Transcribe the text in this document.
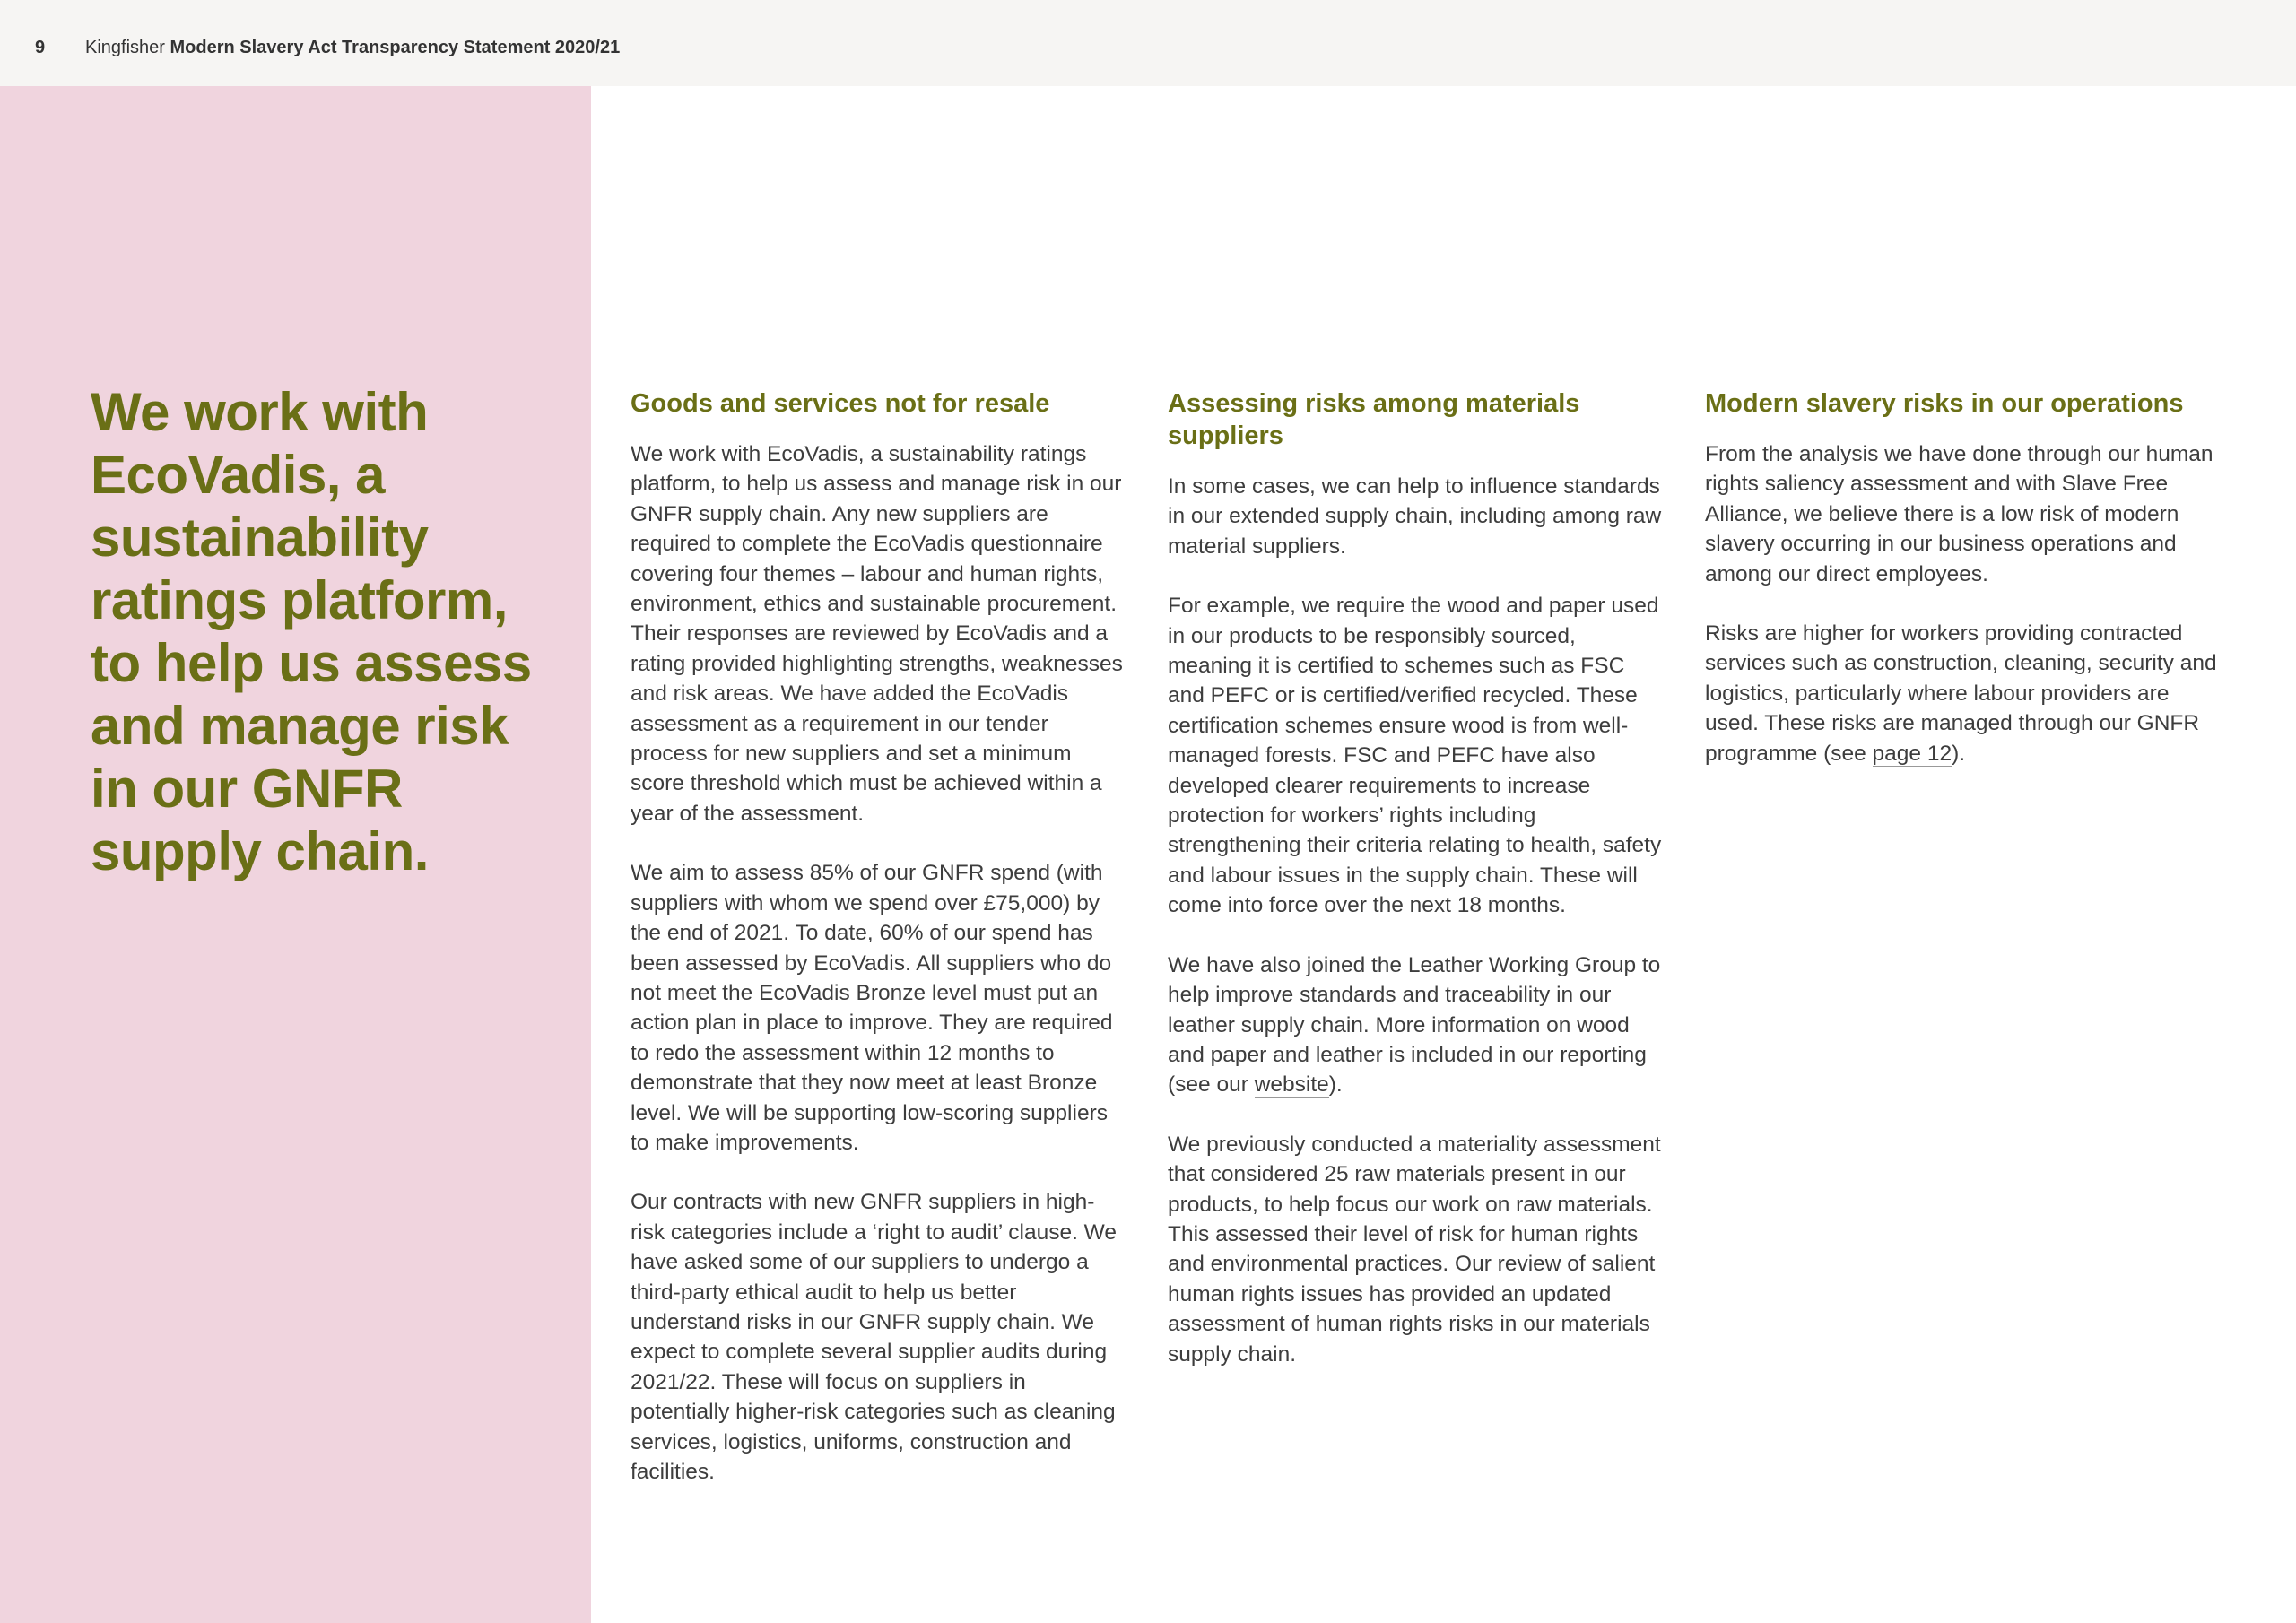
9 Kingfisher Modern Slavery Act Transparency Statement 2020/21
We work with EcoVadis, a sustainability ratings platform, to help us assess and manage risk in our GNFR supply chain.
Goods and services not for resale

We work with EcoVadis, a sustainability ratings platform, to help us assess and manage risk in our GNFR supply chain. Any new suppliers are required to complete the EcoVadis questionnaire covering four themes – labour and human rights, environment, ethics and sustainable procurement. Their responses are reviewed by EcoVadis and a rating provided highlighting strengths, weaknesses and risk areas. We have added the EcoVadis assessment as a requirement in our tender process for new suppliers and set a minimum score threshold which must be achieved within a year of the assessment.

We aim to assess 85% of our GNFR spend (with suppliers with whom we spend over £75,000) by the end of 2021. To date, 60% of our spend has been assessed by EcoVadis. All suppliers who do not meet the EcoVadis Bronze level must put an action plan in place to improve. They are required to redo the assessment within 12 months to demonstrate that they now meet at least Bronze level. We will be supporting low-scoring suppliers to make improvements.

Our contracts with new GNFR suppliers in high-risk categories include a ‘right to audit’ clause. We have asked some of our suppliers to undergo a third-party ethical audit to help us better understand risks in our GNFR supply chain. We expect to complete several supplier audits during 2021/22. These will focus on suppliers in potentially higher-risk categories such as cleaning services, logistics, uniforms, construction and facilities.

Assessing risks among materials suppliers

In some cases, we can help to influence standards in our extended supply chain, including among raw material suppliers.

For example, we require the wood and paper used in our products to be responsibly sourced, meaning it is certified to schemes such as FSC and PEFC or is certified/verified recycled. These certification schemes ensure wood is from well-managed forests. FSC and PEFC have also developed clearer requirements to increase protection for workers’ rights including strengthening their criteria relating to health, safety and labour issues in the supply chain. These will come into force over the next 18 months.

We have also joined the Leather Working Group to help improve standards and traceability in our leather supply chain. More information on wood and paper and leather is included in our reporting (see our website).

We previously conducted a materiality assessment that considered 25 raw materials present in our products, to help focus our work on raw materials. This assessed their level of risk for human rights and environmental practices. Our review of salient human rights issues has provided an updated assessment of human rights risks in our materials supply chain.

Modern slavery risks in our operations

From the analysis we have done through our human rights saliency assessment and with Slave Free Alliance, we believe there is a low risk of modern slavery occurring in our business operations and among our direct employees.

Risks are higher for workers providing contracted services such as construction, cleaning, security and logistics, particularly where labour providers are used. These risks are managed through our GNFR programme (see page 12).
